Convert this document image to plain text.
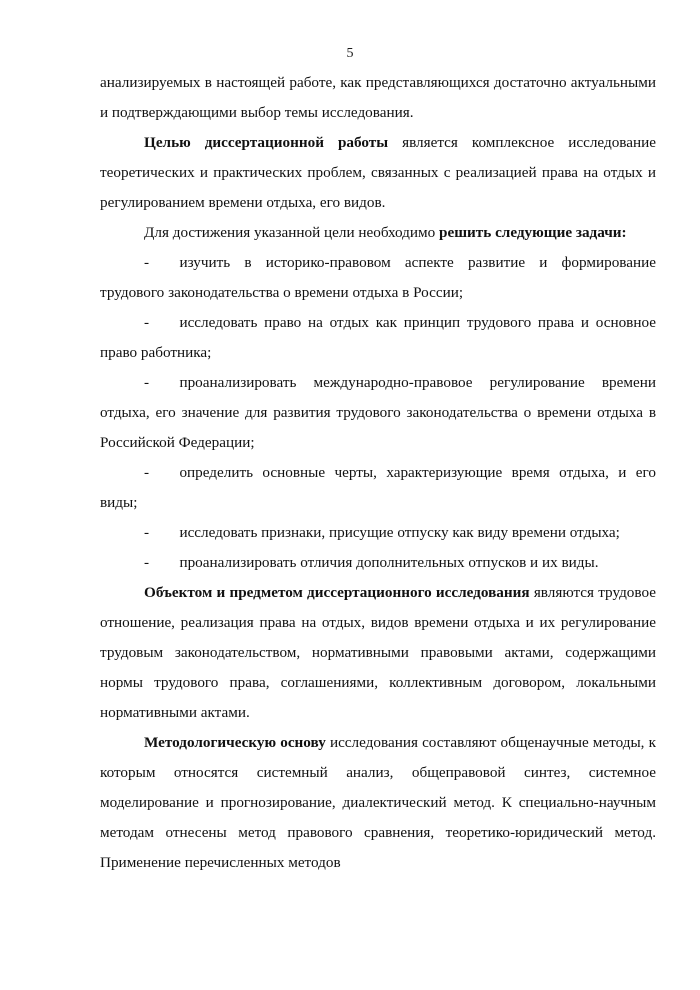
5

анализируемых в настоящей работе, как представляющихся достаточно актуальными и подтверждающими выбор темы исследования.

Целью диссертационной работы является комплексное исследование теоретических и практических проблем, связанных с реализацией права на отдых и регулированием времени отдыха, его видов.

Для достижения указанной цели необходимо решить следующие задачи:

-   изучить в историко-правовом аспекте развитие и формирование трудового законодательства о времени отдыха в России;

-   исследовать право на отдых как принцип трудового права и основное право работника;

-   проанализировать международно-правовое регулирование времени отдыха, его значение для развития трудового законодательства о времени отдыха в Российской Федерации;

-   определить основные черты, характеризующие время отдыха, и его виды;

-   исследовать признаки, присущие отпуску как виду времени отдыха;

-   проанализировать отличия дополнительных отпусков и их виды.

Объектом и предметом диссертационного исследования являются трудовое отношение, реализация права на отдых, видов времени отдыха и их регулирование трудовым законодательством, нормативными правовыми актами, содержащими нормы трудового права, соглашениями, коллективным договором, локальными нормативными актами.

Методологическую основу исследования составляют общенаучные методы, к которым относятся системный анализ, общеправовой синтез, системное моделирование и прогнозирование, диалектический метод. К специально-научным методам отнесены метод правового сравнения, теоретико-юридический метод. Применение перечисленных методов
